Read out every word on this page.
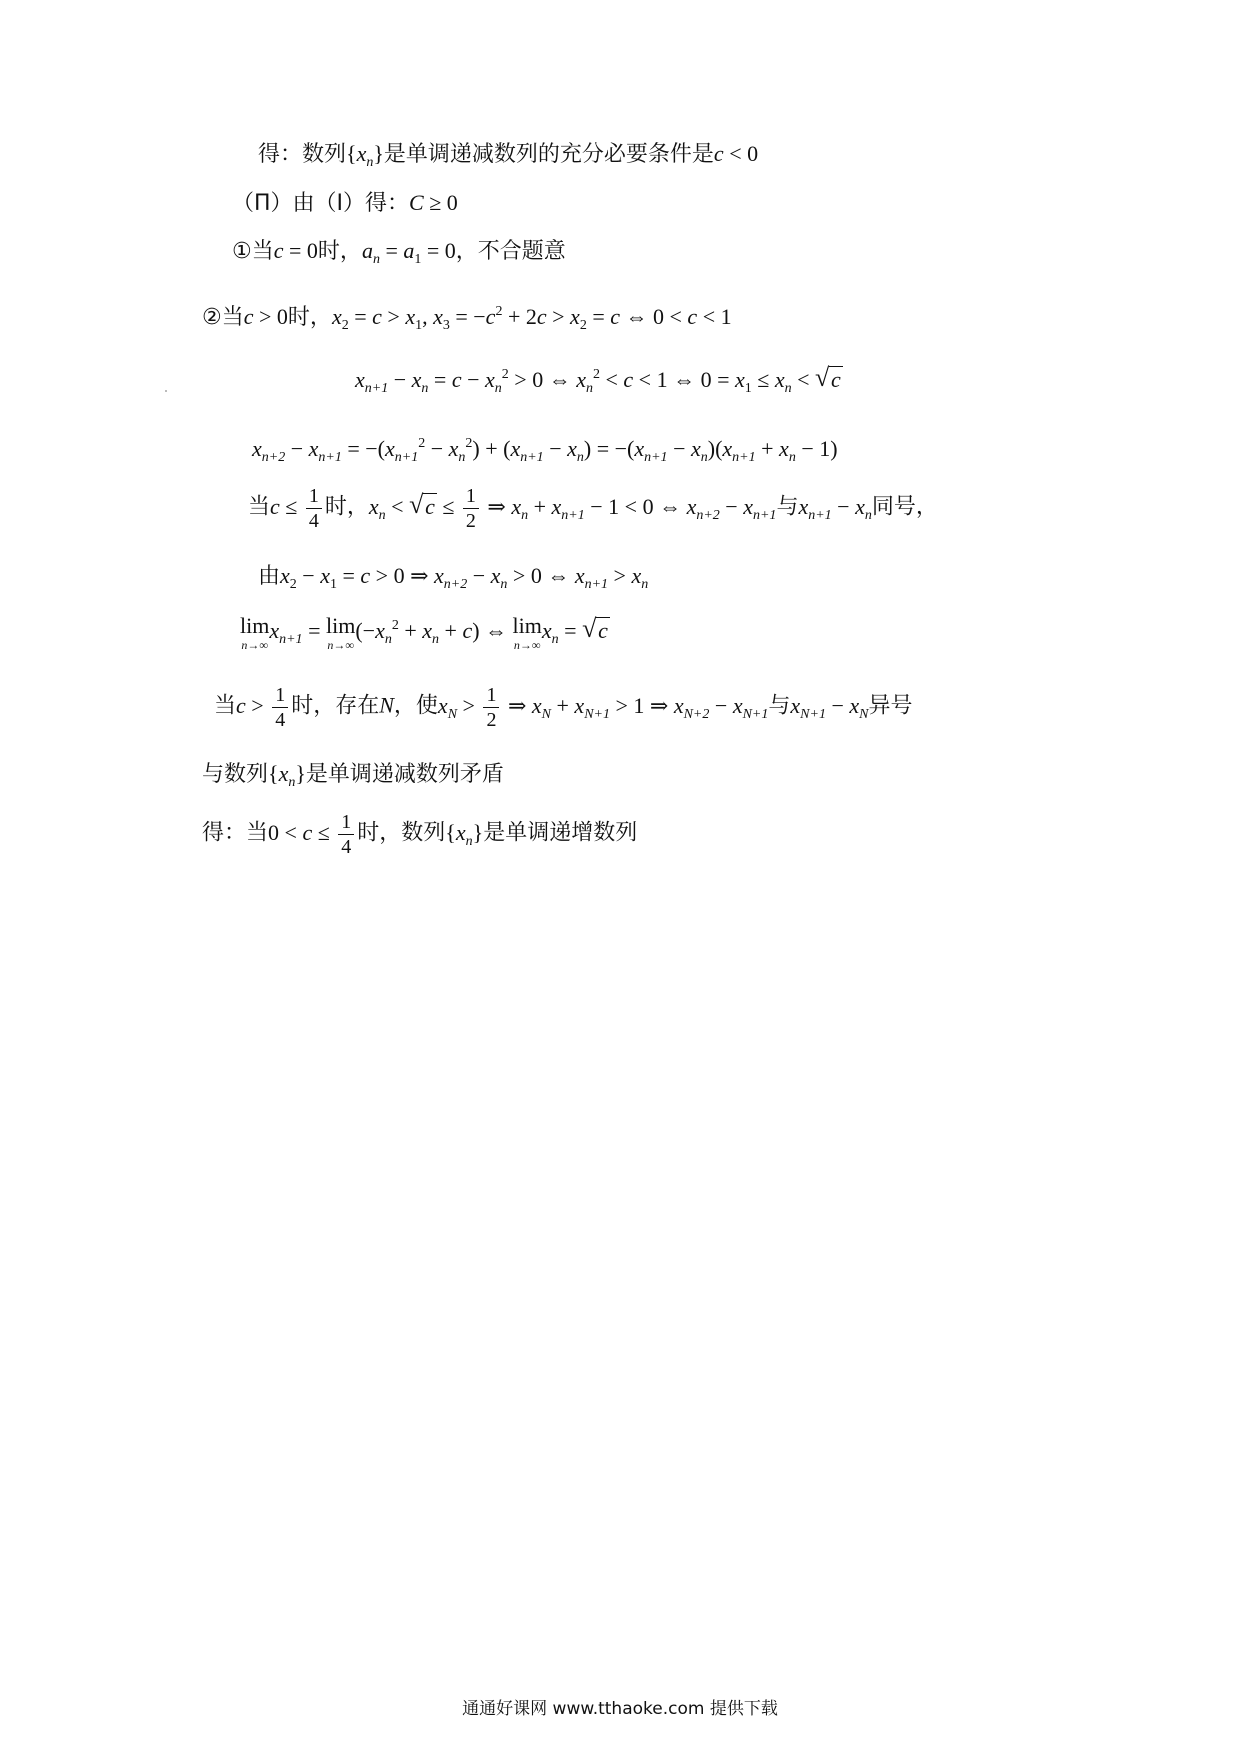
得：数列$\{x_n\}$是单调递减数列的充分必要条件是c < 0
（Π）由（Ⅰ）得：C ≥ 0
①当c = 0时，$a_n = a_1 = 0$，不合题意
②当c > 0时，$x_2 = c > x_1$, $x_3 = -c^2 + 2c > x_2 = c$ ⇔ 0 < c < 1
$x_{n+1} - x_n = c - x_n^2 > 0$ ⇔ $x_n^2 < c < 1$ ⇔ $0 = x_1 \le x_n$ < √ c
$x_{n+2} - x_{n+1} = -(x_{n+1}^2 - x_n^2) + (x_{n+1} - x_n) = -(x_{n+1} - x_n)(x_{n+1} + x_n - 1)$
当$c \le \frac{1}{4}$ 时，$x_n$ < √ $c \le \frac{1}{2}$ ⇒ $x_n + x_{n+1} - 1 < 0$ ⇔ $x_{n+2} - x_{n+1}$与$x_{n+1} - x_n$同号，
由$x_2 - x_1 = c > 0$ ⇒ $x_{n+2} - x_n > 0$ ⇔ $x_{n+1} > x_n$
lim
n→∞
$x_{n+1} = \lim$
n→∞
$(-x_n^2 + x_n + c)$ ⇔ lim
n→∞
$x_n$ = √ c
当$c > \frac{1}{4}$ 时，存在N，使$x_N > \frac{1}{2}$ ⇒ $x_N + x_{N+1} > 1$ ⇒ $x_{N+2} - x_{N+1}$与$x_{N+1} - x_N$异号
与数列$\{x_n\}$是单调递减数列矛盾
得：当$0 < c \le \frac{1}{4}$ 时，数列$\{x_n\}$是单调递增数列
通通好课网 www.tthaoke.com 提供下载
